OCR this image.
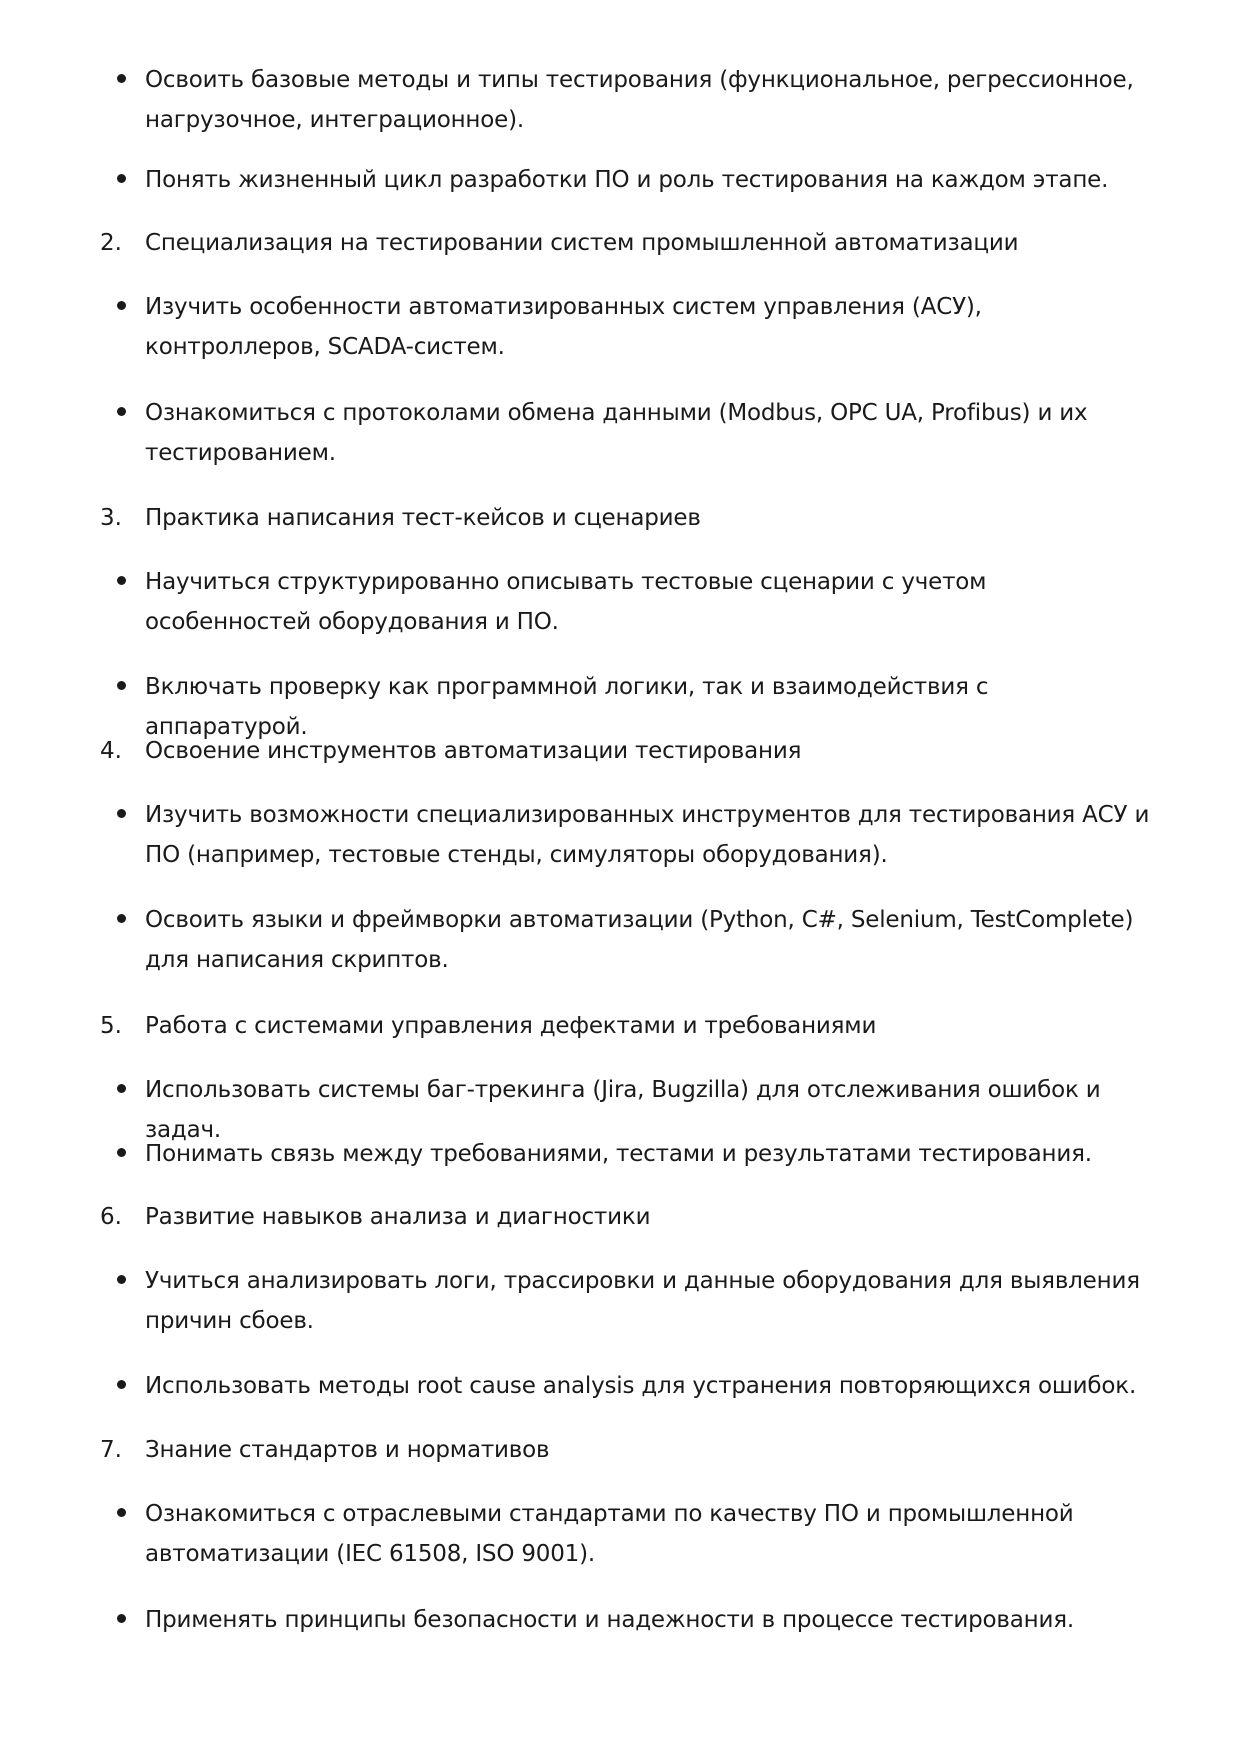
Освоить базовые методы и типы тестирования (функциональное, регрессионное, нагрузочное, интеграционное).
Понять жизненный цикл разработки ПО и роль тестирования на каждом этапе.
2.	Специализация на тестировании систем промышленной автоматизации
Изучить особенности автоматизированных систем управления (АСУ), контроллеров, SCADA-систем.
Ознакомиться с протоколами обмена данными (Modbus, OPC UA, Profibus) и их тестированием.
3.	Практика написания тест-кейсов и сценариев
Научиться структурированно описывать тестовые сценарии с учетом особенностей оборудования и ПО.
Включать проверку как программной логики, так и взаимодействия с аппаратурой.
4.	Освоение инструментов автоматизации тестирования
Изучить возможности специализированных инструментов для тестирования АСУ и ПО (например, тестовые стенды, симуляторы оборудования).
Освоить языки и фреймворки автоматизации (Python, C#, Selenium, TestComplete) для написания скриптов.
5.	Работа с системами управления дефектами и требованиями
Использовать системы баг-трекинга (Jira, Bugzilla) для отслеживания ошибок и задач.
Понимать связь между требованиями, тестами и результатами тестирования.
6.	Развитие навыков анализа и диагностики
Учиться анализировать логи, трассировки и данные оборудования для выявления причин сбоев.
Использовать методы root cause analysis для устранения повторяющихся ошибок.
7.	Знание стандартов и нормативов
Ознакомиться с отраслевыми стандартами по качеству ПО и промышленной автоматизации (IEC 61508, ISO 9001).
Применять принципы безопасности и надежности в процессе тестирования.
